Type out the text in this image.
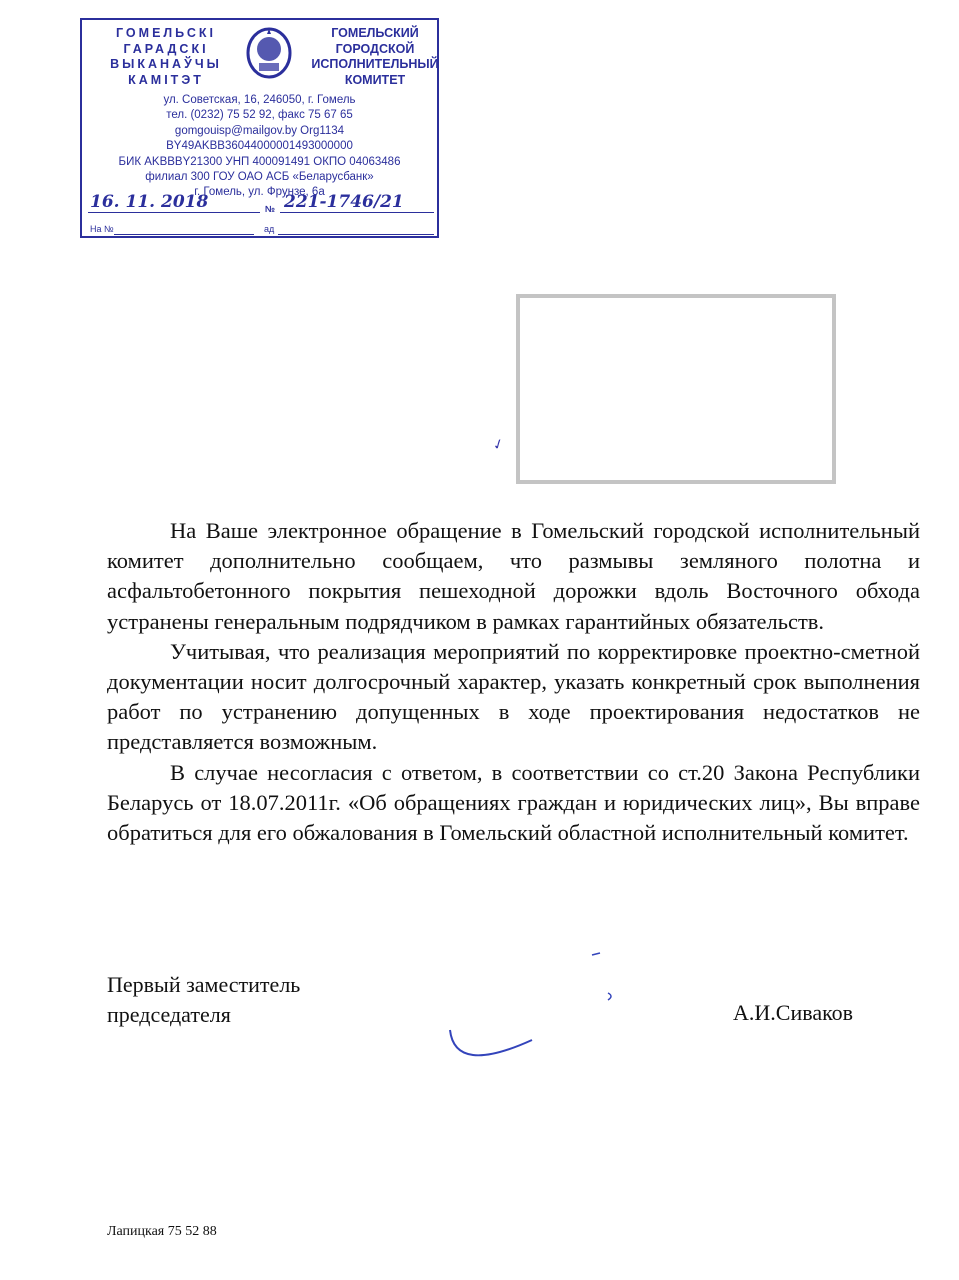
ГОМЕЛЬСКІ
ГАРАДСКІ
ВЫКАНАЎЧЫ
КАМІТЭТ
ГОМЕЛЬСКИЙ
ГОРОДСКОЙ
ИСПОЛНИТЕЛЬНЫЙ
КОМИТЕТ
ул. Советская, 16, 246050, г. Гомель
тел. (0232) 75 52 92, факс 75 67 65
gomgouisp@mailgov.by Org1134
BY49AKBB36044000001493000000
БИК AKBBBY21300 УНП 400091491 ОКПО 04063486
филиал 300 ГОУ ОАО АСБ «Беларусбанк»
г. Гомель, ул. Фрунзе, 6а
16. 11. 2018	№ 221-1746/21
На №	ад
✓

На Ваше электронное обращение в Гомельский городской исполнительный комитет дополнительно сообщаем, что размывы земляного полотна и асфальтобетонного покрытия пешеходной дорожки вдоль Восточного обхода устранены генеральным подрядчиком в рамках гарантийных обязательств.

Учитывая, что реализация мероприятий по корректировке проектно-сметной документации носит долгосрочный характер, указать конкретный срок выполнения работ по устранению допущенных в ходе проектирования недостатков не представляется возможным.

В случае несогласия с ответом, в соответствии со ст.20 Закона Республики Беларусь от 18.07.2011г. «Об обращениях граждан и юридических лиц», Вы вправе обратиться для его обжалования в Гомельский областной исполнительный комитет.

Первый заместитель
председателя	А.И.Сиваков
Лапицкая 75 52 88
